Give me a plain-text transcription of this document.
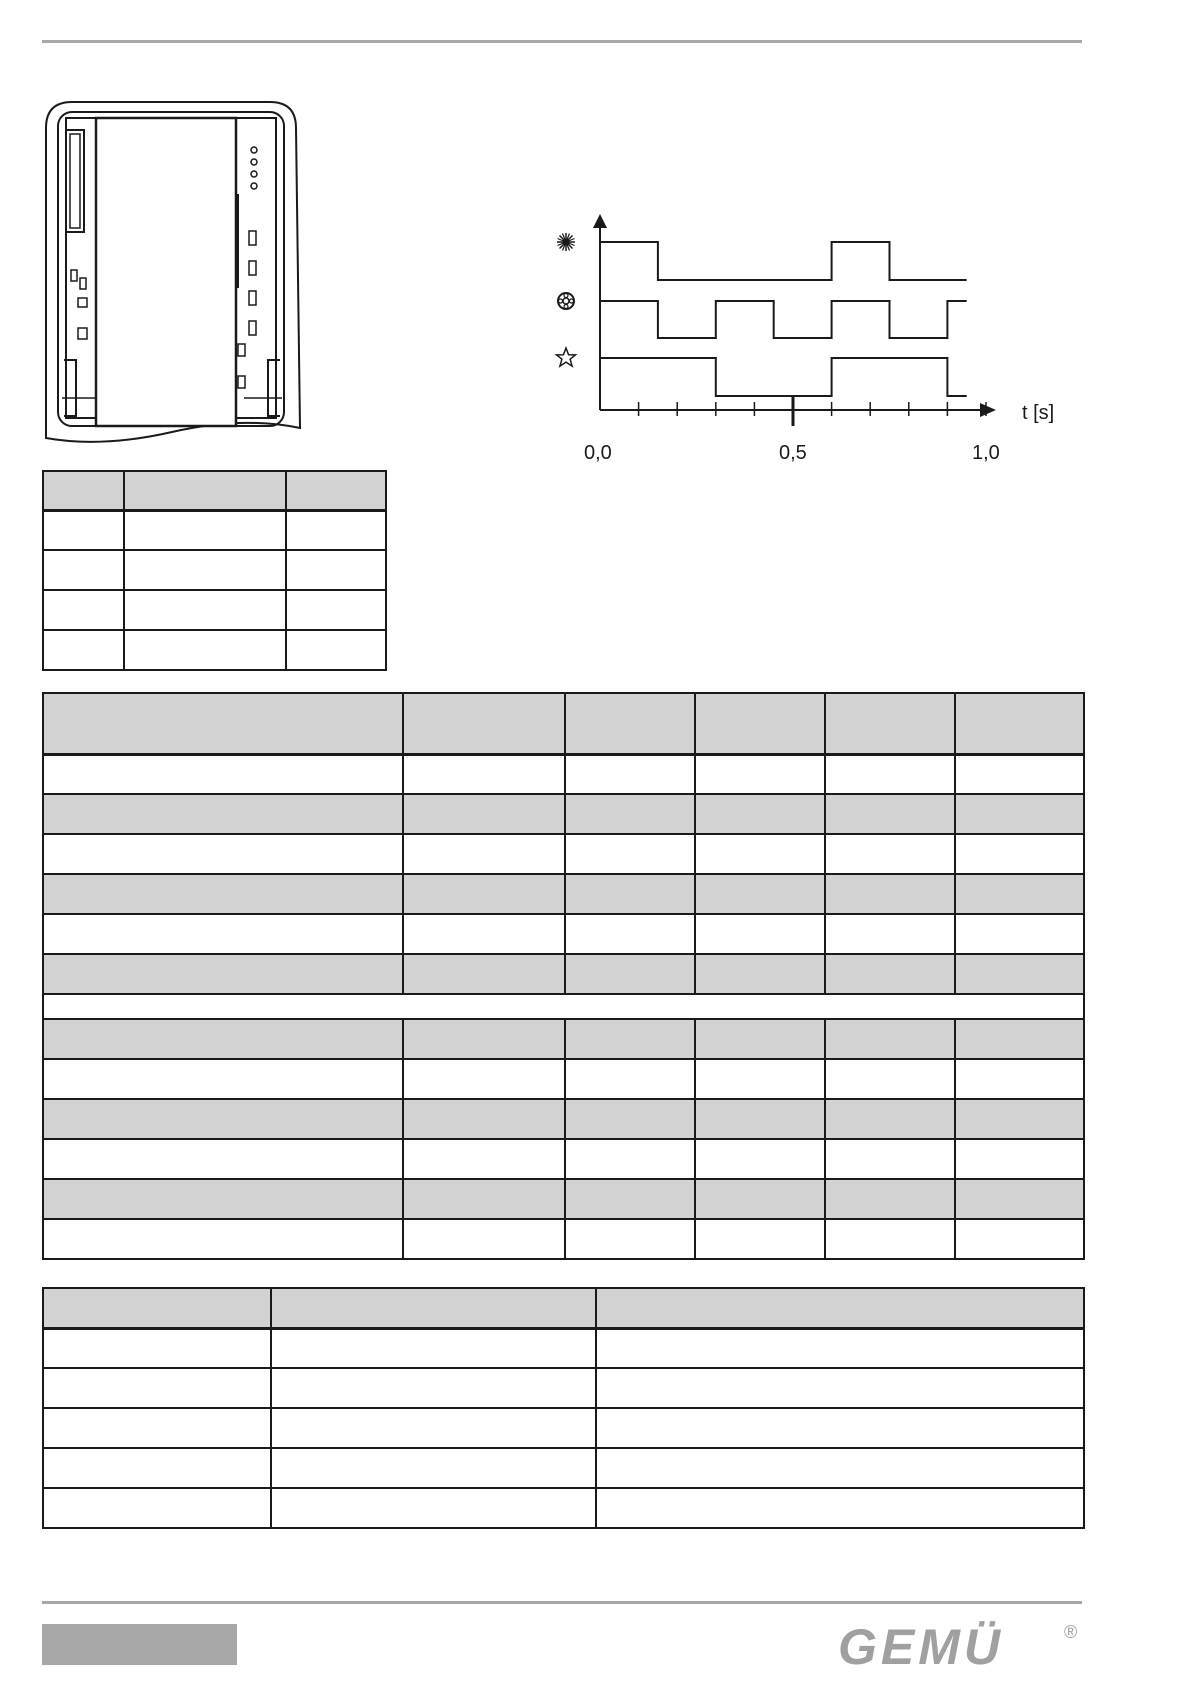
0,0	0,5	1,0
t [s]

GEMÜ	®
